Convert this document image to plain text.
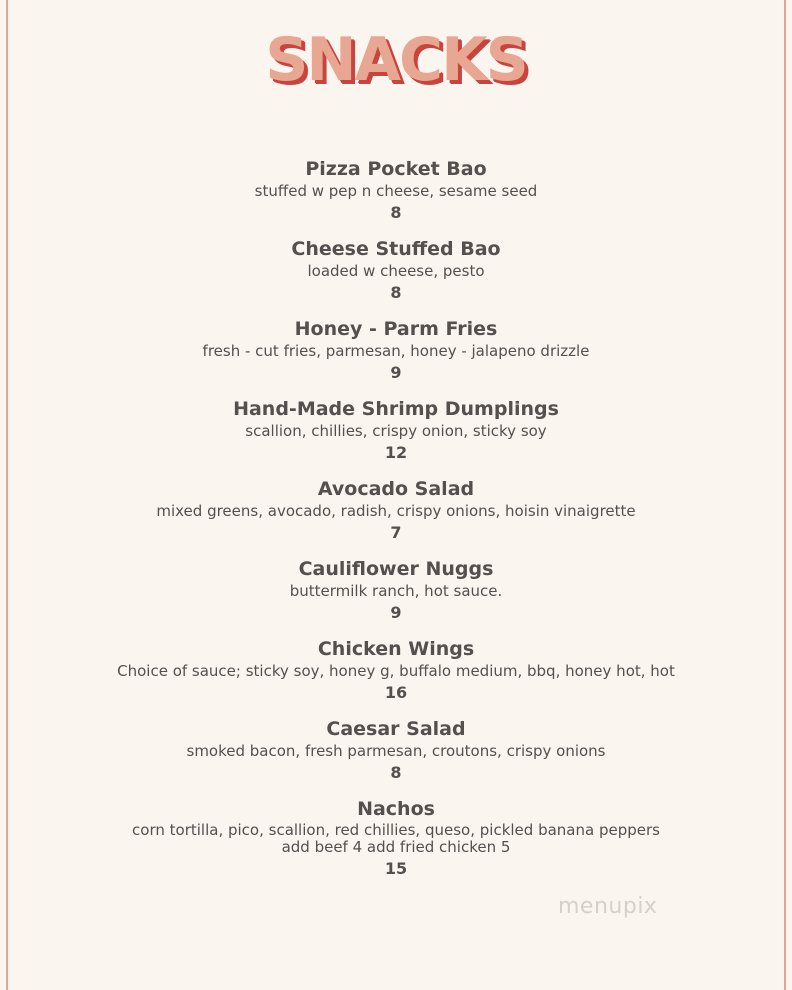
SNACKS
Pizza Pocket Bao
stuffed w pep n cheese, sesame seed
8
Cheese Stuffed Bao
loaded w cheese, pesto
8
Honey - Parm Fries
fresh - cut fries, parmesan, honey - jalapeno drizzle
9
Hand-Made Shrimp Dumplings
scallion, chillies, crispy onion, sticky soy
12
Avocado Salad
mixed greens, avocado, radish, crispy onions, hoisin vinaigrette
7
Cauliflower Nuggs
buttermilk ranch, hot sauce.
9
Chicken Wings
Choice of sauce; sticky soy, honey g, buffalo medium, bbq, honey hot, hot
16
Caesar Salad
smoked bacon, fresh parmesan, croutons, crispy onions
8
Nachos
corn tortilla, pico, scallion, red chillies, queso, pickled banana peppers
add beef 4 add fried chicken 5
15
menupix
